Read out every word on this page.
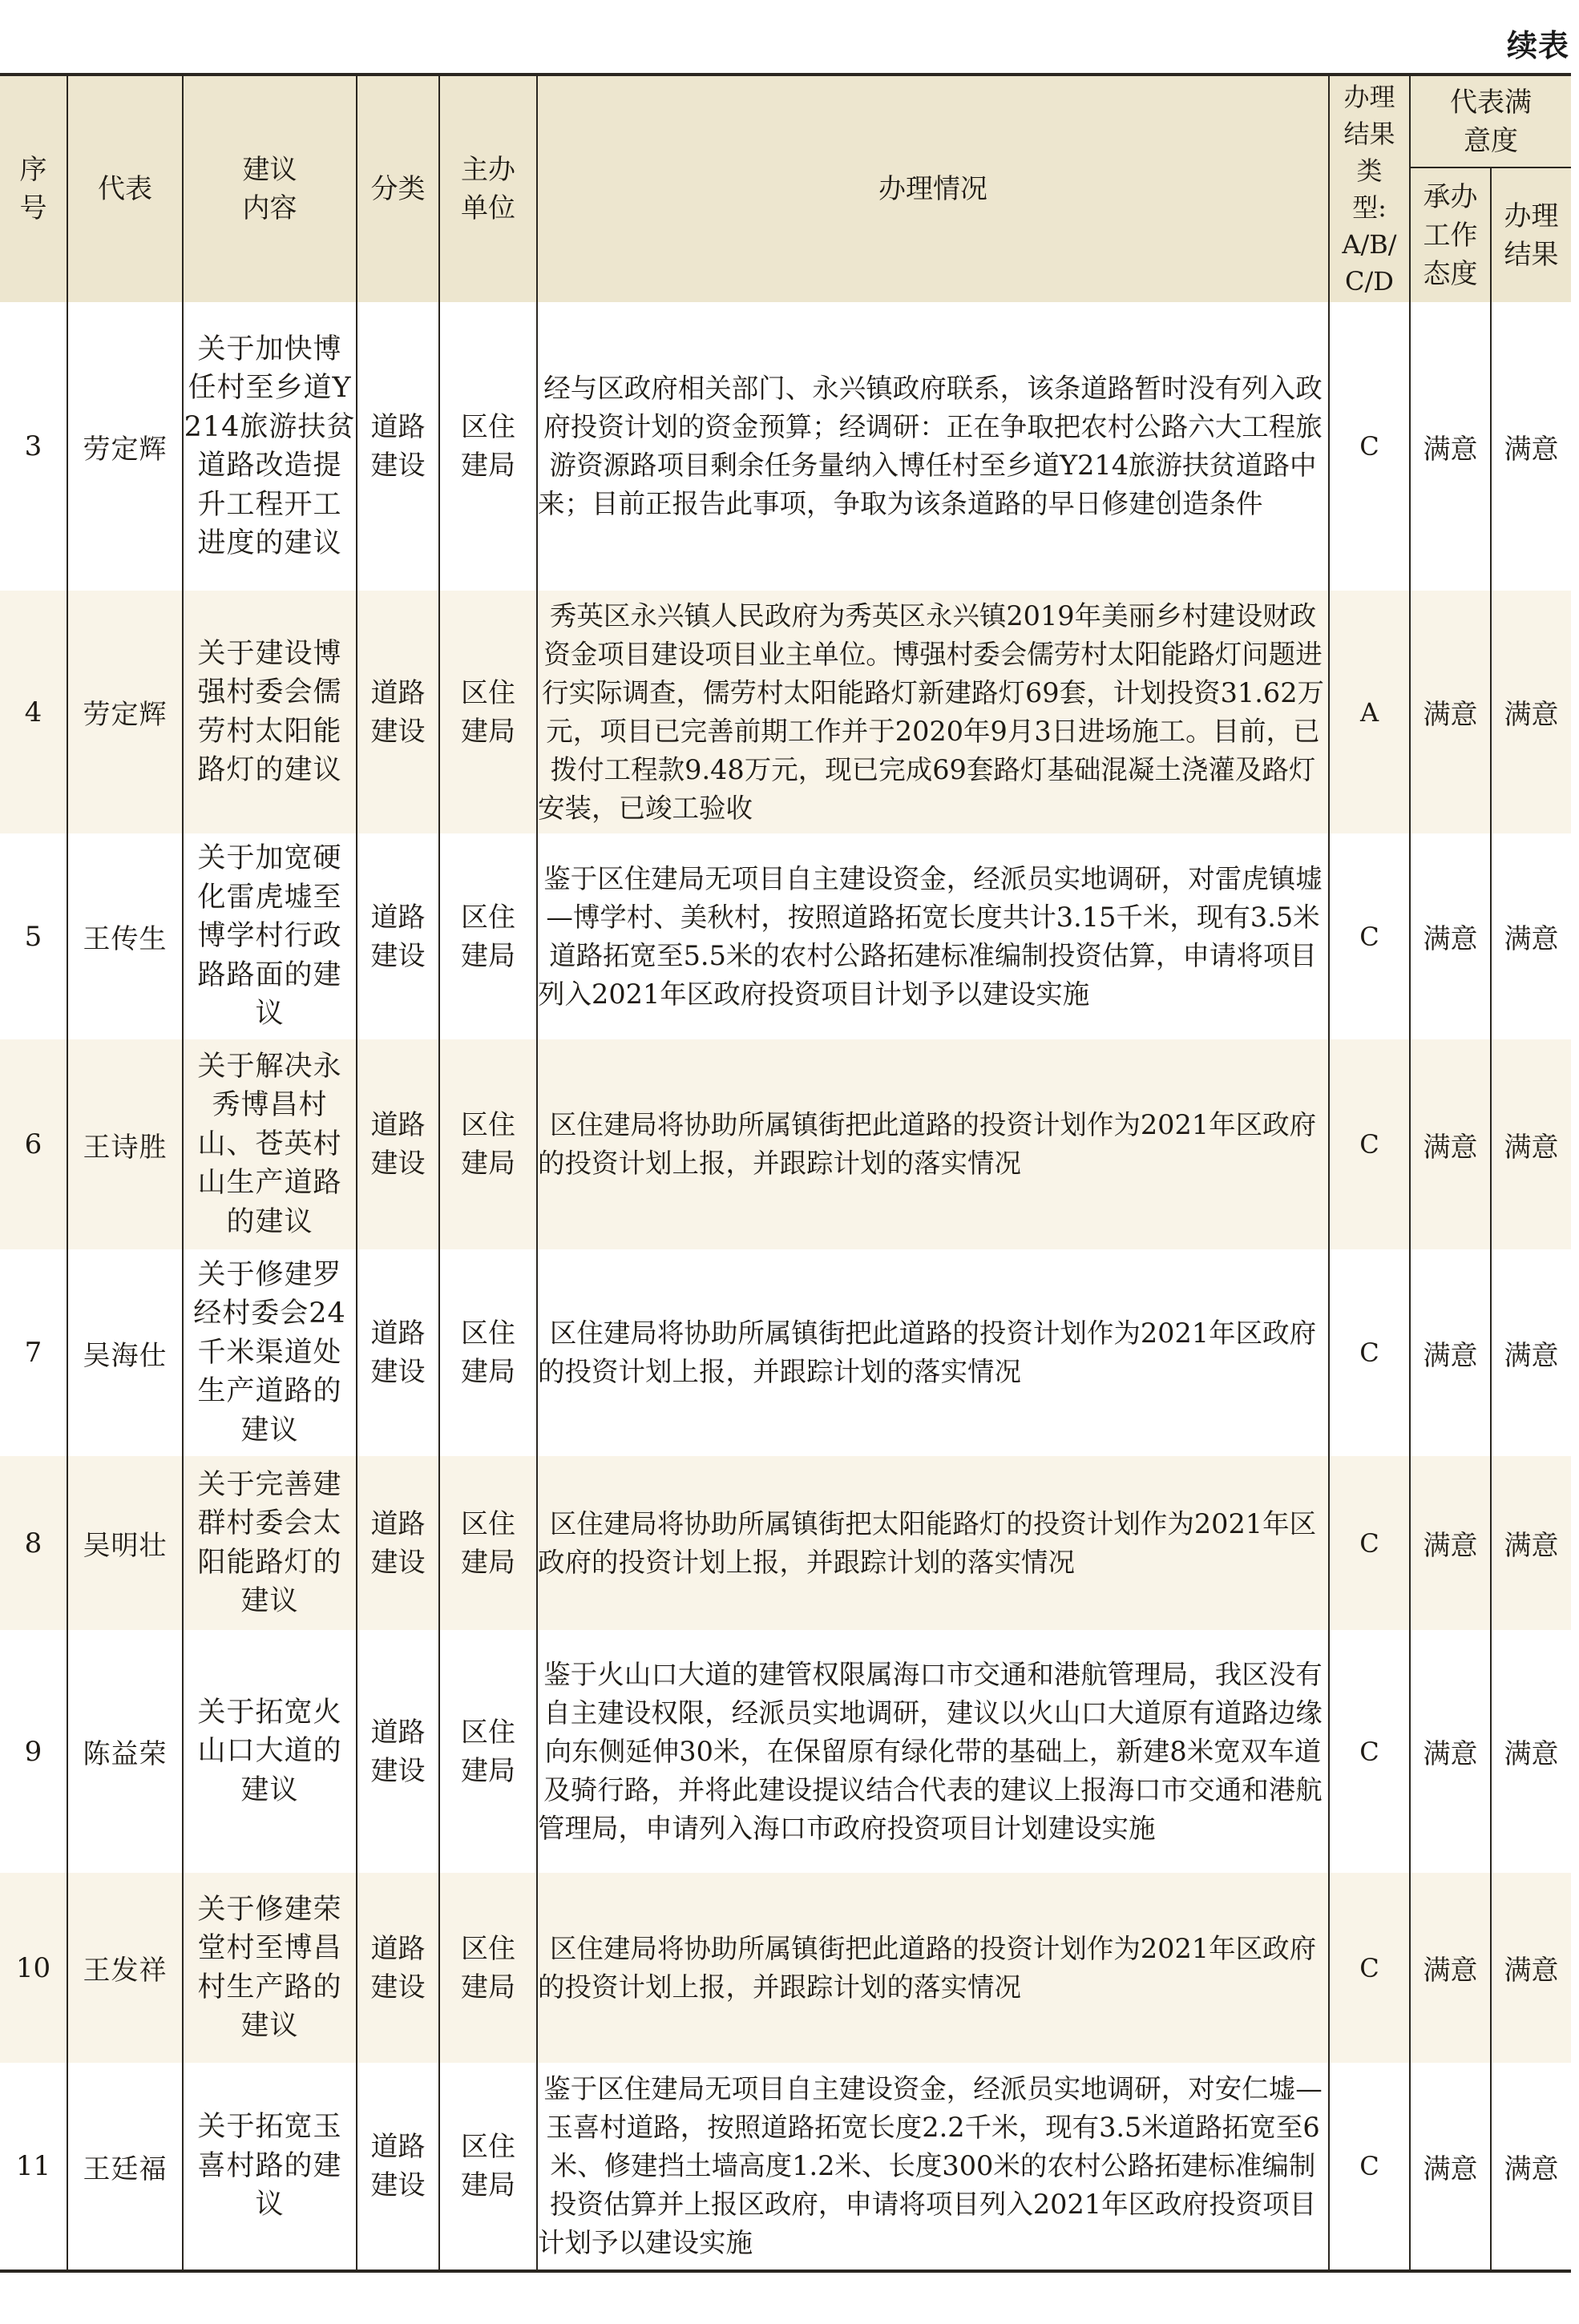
续表
序号	代表	建议内容	分类	主办单位	办理情况	办理结果类型:A/B/C/D	代表满意度	
							承办工作态度	办理结果
3	劳定辉	关于加快博任村至乡道Y214旅游扶贫道路改造提升工程开工进度的建议	道路建设	区住建局	经与区政府相关部门、永兴镇政府联系，该条道路暂时没有列入政府投资计划的资金预算；经调研：正在争取把农村公路六大工程旅游资源路项目剩余任务量纳入博任村至乡道Y214旅游扶贫道路中来；目前正报告此事项，争取为该条道路的早日修建创造条件	C	满意	满意
4	劳定辉	关于建设博强村委会儒劳村太阳能路灯的建议	道路建设	区住建局	秀英区永兴镇人民政府为秀英区永兴镇2019年美丽乡村建设财政资金项目建设项目业主单位。博强村委会儒劳村太阳能路灯问题进行实际调查，儒劳村太阳能路灯新建路灯69套，计划投资31.62万元，项目已完善前期工作并于2020年9月3日进场施工。目前，已拨付工程款9.48万元，现已完成69套路灯基础混凝土浇灌及路灯安装，已竣工验收	A	满意	满意
5	王传生	关于加宽硬化雷虎墟至博学村行政路路面的建议	道路建设	区住建局	鉴于区住建局无项目自主建设资金，经派员实地调研，对雷虎镇墟—博学村、美秋村，按照道路拓宽长度共计3.15千米，现有3.5米道路拓宽至5.5米的农村公路拓建标准编制投资估算，申请将项目列入2021年区政府投资项目计划予以建设实施	C	满意	满意
6	王诗胜	关于解决永秀博昌村山、苍英村山生产道路的建议	道路建设	区住建局	区住建局将协助所属镇街把此道路的投资计划作为2021年区政府的投资计划上报，并跟踪计划的落实情况	C	满意	满意
7	吴海仕	关于修建罗经村委会24千米渠道处生产道路的建议	道路建设	区住建局	区住建局将协助所属镇街把此道路的投资计划作为2021年区政府的投资计划上报，并跟踪计划的落实情况	C	满意	满意
8	吴明壮	关于完善建群村委会太阳能路灯的建议	道路建设	区住建局	区住建局将协助所属镇街把太阳能路灯的投资计划作为2021年区政府的投资计划上报，并跟踪计划的落实情况	C	满意	满意
9	陈益荣	关于拓宽火山口大道的建议	道路建设	区住建局	鉴于火山口大道的建管权限属海口市交通和港航管理局，我区没有自主建设权限，经派员实地调研，建议以火山口大道原有道路边缘向东侧延伸30米，在保留原有绿化带的基础上，新建8米宽双车道及骑行路，并将此建设提议结合代表的建议上报海口市交通和港航管理局，申请列入海口市政府投资项目计划建设实施	C	满意	满意
10	王发祥	关于修建荣堂村至博昌村生产路的建议	道路建设	区住建局	区住建局将协助所属镇街把此道路的投资计划作为2021年区政府的投资计划上报，并跟踪计划的落实情况	C	满意	满意
11	王廷福	关于拓宽玉喜村路的建议	道路建设	区住建局	鉴于区住建局无项目自主建设资金，经派员实地调研，对安仁墟—玉喜村道路，按照道路拓宽长度2.2千米，现有3.5米道路拓宽至6米、修建挡土墙高度1.2米、长度300米的农村公路拓建标准编制投资估算并上报区政府，申请将项目列入2021年区政府投资项目计划予以建设实施	C	满意	满意
